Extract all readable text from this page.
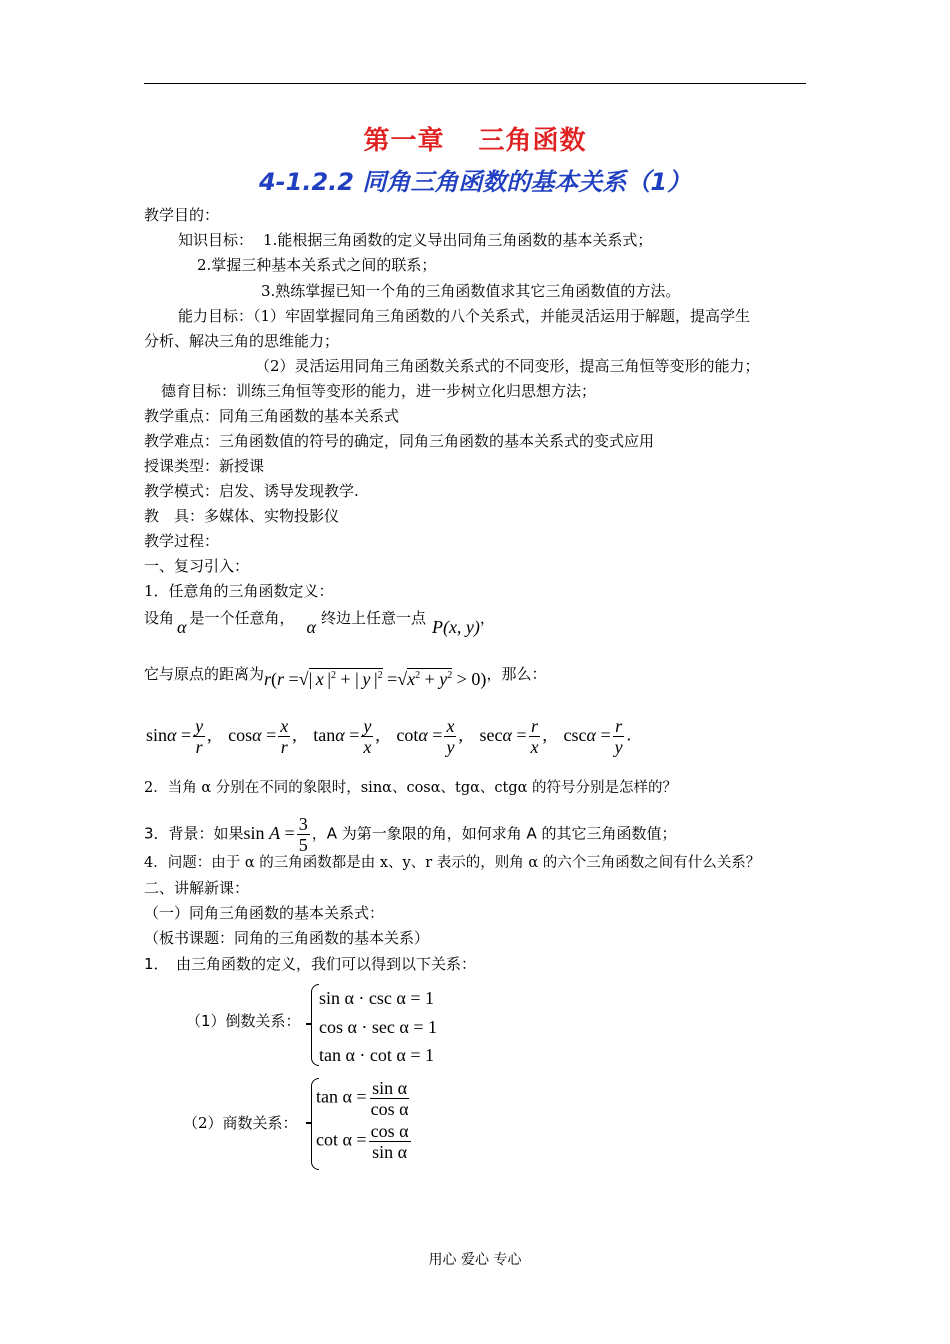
第一章 三角函数
4-1.2.2 同角三角函数的基本关系（1）
教学目的：
知识目标： 1.能根据三角函数的定义导出同角三角函数的基本关系式；
2.掌握三种基本关系式之间的联系；
3.熟练掌握已知一个角的三角函数值求其它三角函数值的方法。
能力目标：（1）牢固掌握同角三角函数的八个关系式，并能灵活运用于解题，提高学生
分析、解决三角的思维能力；
（2）灵活运用同角三角函数关系式的不同变形，提高三角恒等变形的能力；
德育目标：训练三角恒等变形的能力，进一步树立化归思想方法；
教学重点：同角三角函数的基本关系式
教学难点：三角函数值的符号的确定，同角三角函数的基本关系式的变式应用
授课类型：新授课
教学模式：启发、诱导发现教学.
教　具：多媒体、实物投影仪
教学过程：
一、复习引入：
1．任意角的三角函数定义：
设角 α 是一个任意角， α 终边上任意一点 P(x, y)，
它与原点的距离为r(r =√| x $|^2$ + | y $|^2 =√x^2 + y^2 > 0$)，那么：
$\sin\alpha = \frac{y}{r}$ , $\cos\alpha = \frac{x}{r}$ , $\tan\alpha = \frac{y}{x}$ , $\cot\alpha = \frac{x}{y}$ , $\sec\alpha = \frac{r}{x}$ , $\csc\alpha = \frac{r}{y}$ .
2．当角 α 分别在不同的象限时，sinα、cosα、tgα、ctgα 的符号分别是怎样的？
3．背景：如果$\sin A = \frac{3}{5}$ ，A 为第一象限的角，如何求角 A 的其它三角函数值；
4．问题：由于 α 的三角函数都是由 x、y、r 表示的，则角 α 的六个三角函数之间有什么关系？
二、讲解新课：
（一）同角三角函数的基本关系式：
（板书课题：同角的三角函数的基本关系）
1．　由三角函数的定义，我们可以得到以下关系：
（1）倒数关系：
sin α · csc α = 1
cos α · sec α = 1
tan α · cot α = 1
（2）商数关系：
$\tan \alpha = \frac{\text{sin α}}{\text{cos α}}$
$\cot \alpha = \frac{\text{cos α}}{\text{sin α}}$
用心 爱心 专心
